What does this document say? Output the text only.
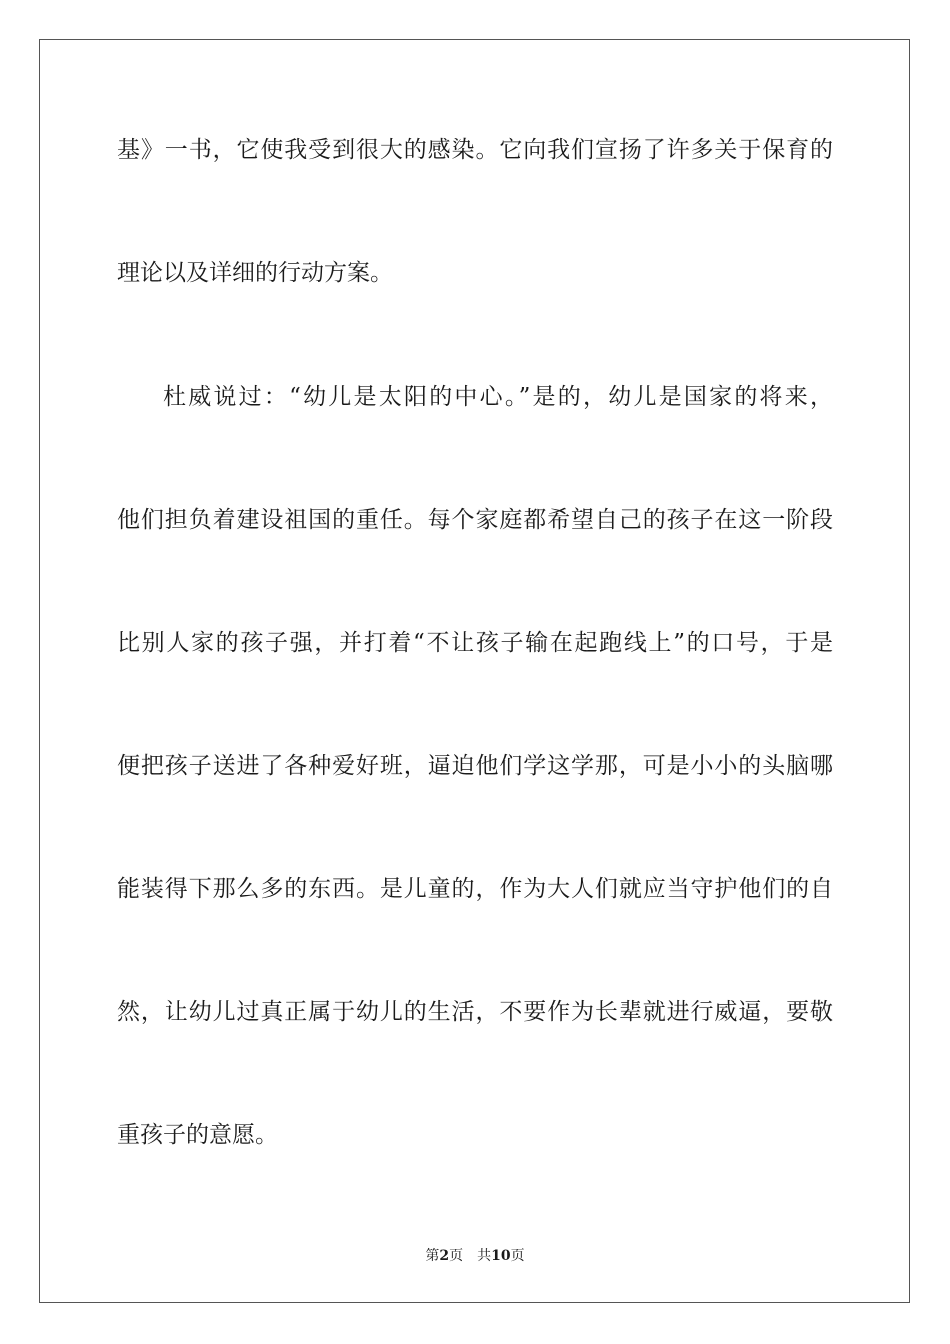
基》一书，它使我受到很大的感染。它向我们宣扬了许多关于保育的
理论以及详细的行动方案。
杜威说过：“幼儿是太阳的中心。”是的，幼儿是国家的将来，
他们担负着建设祖国的重任。每个家庭都希望自己的孩子在这一阶段
比别人家的孩子强，并打着“不让孩子输在起跑线上”的口号，于是
便把孩子送进了各种爱好班，逼迫他们学这学那，可是小小的头脑哪
能装得下那么多的东西。是儿童的，作为大人们就应当守护他们的自
然，让幼儿过真正属于幼儿的生活，不要作为长辈就进行威逼，要敬
重孩子的意愿。
第2页 共10页
